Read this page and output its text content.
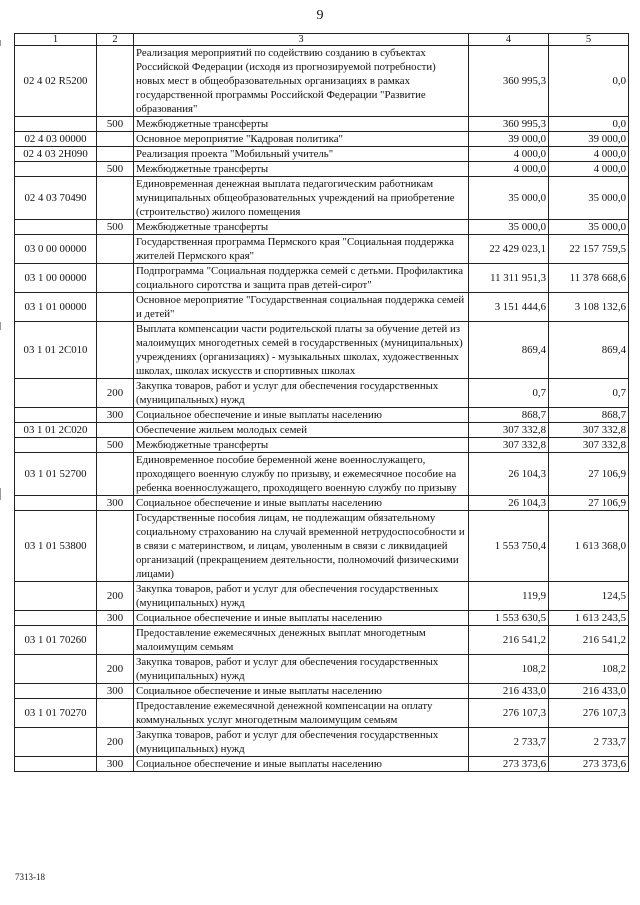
9
1	2	3	4	5
02 4 02 R5200		Реализация мероприятий по содействию созданию в субъектах Российской Федерации (исходя из прогнозируемой потребности) новых мест в общеобразовательных организациях в рамках государственной программы Российской Федерации "Развитие образования"	360 995,3	0,0
	500	Межбюджетные трансферты	360 995,3	0,0
02 4 03 00000		Основное мероприятие "Кадровая политика"	39 000,0	39 000,0
02 4 03 2Н090		Реализация проекта "Мобильный учитель"	4 000,0	4 000,0
	500	Межбюджетные трансферты	4 000,0	4 000,0
02 4 03 70490		Единовременная денежная выплата педагогическим работникам муниципальных общеобразовательных учреждений на приобретение (строительство) жилого помещения	35 000,0	35 000,0
	500	Межбюджетные трансферты	35 000,0	35 000,0
03 0 00 00000		Государственная программа Пермского края "Социальная поддержка жителей Пермского края"	22 429 023,1	22 157 759,5
03 1 00 00000		Подпрограмма "Социальная поддержка семей с детьми. Профилактика социального сиротства и защита прав детей-сирот"	11 311 951,3	11 378 668,6
03 1 01 00000		Основное мероприятие "Государственная социальная поддержка семей и детей"	3 151 444,6	3 108 132,6
03 1 01 2С010		Выплата компенсации части родительской платы за обучение детей из малоимущих многодетных семей в государственных (муниципальных) учреждениях (организациях) - музыкальных школах, художественных школах, школах искусств и спортивных школах	869,4	869,4
	200	Закупка товаров, работ и услуг для обеспечения государственных (муниципальных) нужд	0,7	0,7
	300	Социальное обеспечение и иные выплаты населению	868,7	868,7
03 1 01 2С020		Обеспечение жильем молодых семей	307 332,8	307 332,8
	500	Межбюджетные трансферты	307 332,8	307 332,8
03 1 01 52700		Единовременное пособие беременной жене военнослужащего, проходящего военную службу по призыву, и ежемесячное пособие на ребенка военнослужащего, проходящего военную службу по призыву	26 104,3	27 106,9
	300	Социальное обеспечение и иные выплаты населению	26 104,3	27 106,9
03 1 01 53800		Государственные пособия лицам, не подлежащим обязательному социальному страхованию на случай временной нетрудоспособности и в связи с материнством, и лицам, уволенным в связи с ликвидацией организаций (прекращением деятельности, полномочий физическими лицами)	1 553 750,4	1 613 368,0
	200	Закупка товаров, работ и услуг для обеспечения государственных (муниципальных) нужд	119,9	124,5
	300	Социальное обеспечение и иные выплаты населению	1 553 630,5	1 613 243,5
03 1 01 70260		Предоставление ежемесячных денежных выплат многодетным малоимущим семьям	216 541,2	216 541,2
	200	Закупка товаров, работ и услуг для обеспечения государственных (муниципальных) нужд	108,2	108,2
	300	Социальное обеспечение и иные выплаты населению	216 433,0	216 433,0
03 1 01 70270		Предоставление ежемесячной денежной компенсации на оплату коммунальных услуг многодетным малоимущим семьям	276 107,3	276 107,3
	200	Закупка товаров, работ и услуг для обеспечения государственных (муниципальных) нужд	2 733,7	2 733,7
	300	Социальное обеспечение и иные выплаты населению	273 373,6	273 373,6
7313-18
